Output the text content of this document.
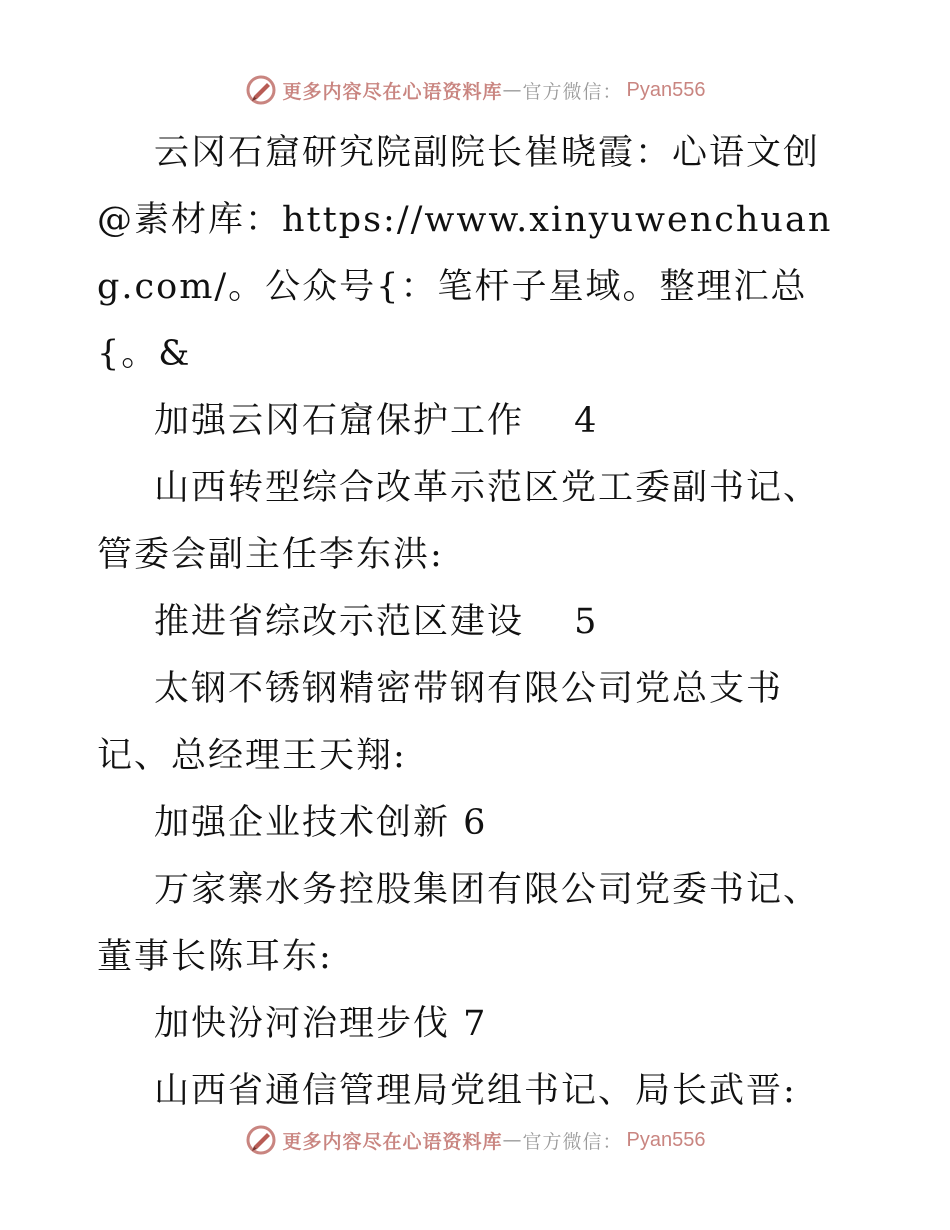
更多内容尽在心语资料库 — 官方微信： Pyan556

云冈石窟研究院副院长崔晓霞：心语文创@素材库：https://www.xinyuwenchuang.com/。公众号{：笔杆子星域。整理汇总{。&

加强云冈石窟保护工作　 4

山西转型综合改革示范区党工委副书记、管委会副主任李东洪:

推进省综改示范区建设　 5

太钢不锈钢精密带钢有限公司党总支书记、总经理王天翔:

加强企业技术创新 6

万家寨水务控股集团有限公司党委书记、董事长陈耳东:

加快汾河治理步伐 7

山西省通信管理局党组书记、局长武晋:

更多内容尽在心语资料库 — 官方微信： Pyan556
